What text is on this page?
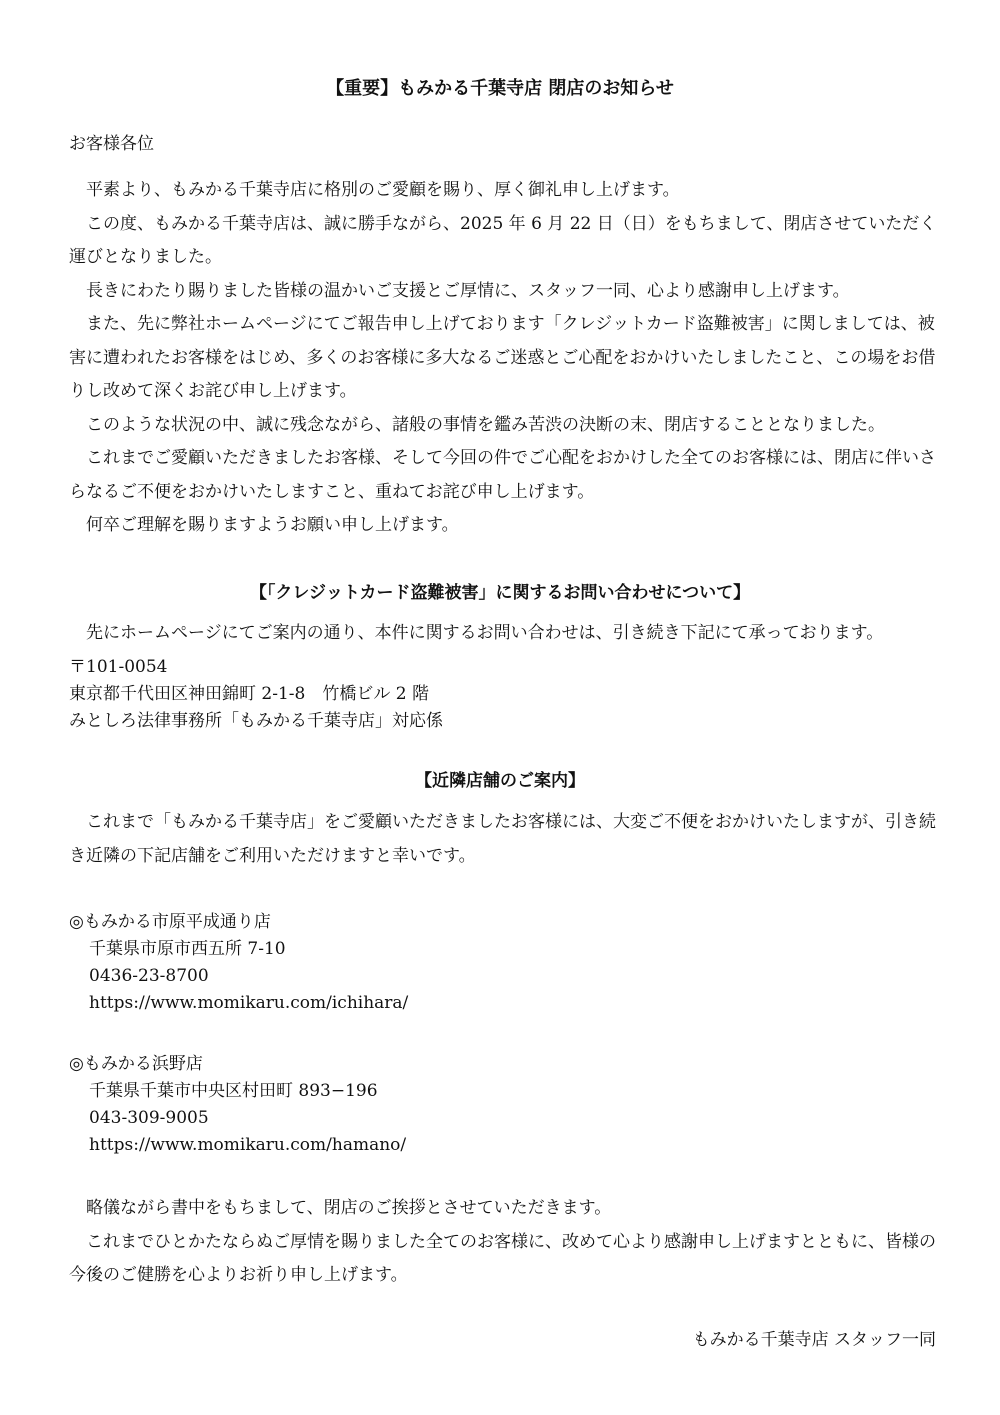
【重要】もみかる千葉寺店 閉店のお知らせ

お客様各位

平素より、もみかる千葉寺店に格別のご愛顧を賜り、厚く御礼申し上げます。

この度、もみかる千葉寺店は、誠に勝手ながら、2025 年 6 月 22 日（日）をもちまして、閉店させていただく運びとなりました。

長きにわたり賜りました皆様の温かいご支援とご厚情に、スタッフ一同、心より感謝申し上げます。

また、先に弊社ホームページにてご報告申し上げております「クレジットカード盗難被害」に関しましては、被害に遭われたお客様をはじめ、多くのお客様に多大なるご迷惑とご心配をおかけいたしましたこと、この場をお借りし改めて深くお詫び申し上げます。

このような状況の中、誠に残念ながら、諸般の事情を鑑み苦渋の決断の末、閉店することとなりました。

これまでご愛顧いただきましたお客様、そして今回の件でご心配をおかけした全てのお客様には、閉店に伴いさらなるご不便をおかけいたしますこと、重ねてお詫び申し上げます。

何卒ご理解を賜りますようお願い申し上げます。

【「クレジットカード盗難被害」に関するお問い合わせについて】

先にホームページにてご案内の通り、本件に関するお問い合わせは、引き続き下記にて承っております。

〒101-0054
東京都千代田区神田錦町 2-1-8　竹橋ビル 2 階
みとしろ法律事務所「もみかる千葉寺店」対応係
【近隣店舗のご案内】

これまで「もみかる千葉寺店」をご愛顧いただきましたお客様には、大変ご不便をおかけいたしますが、引き続き近隣の下記店舗をご利用いただけますと幸いです。

◎もみかる市原平成通り店
千葉県市原市西五所 7-10
0436-23-8700
https://www.momikaru.com/ichihara/
◎もみかる浜野店
千葉県千葉市中央区村田町 893−196
043-309-9005
https://www.momikaru.com/hamano/

略儀ながら書中をもちまして、閉店のご挨拶とさせていただきます。

これまでひとかたならぬご厚情を賜りました全てのお客様に、改めて心より感謝申し上げますとともに、皆様の今後のご健勝を心よりお祈り申し上げます。

もみかる千葉寺店 スタッフ一同
